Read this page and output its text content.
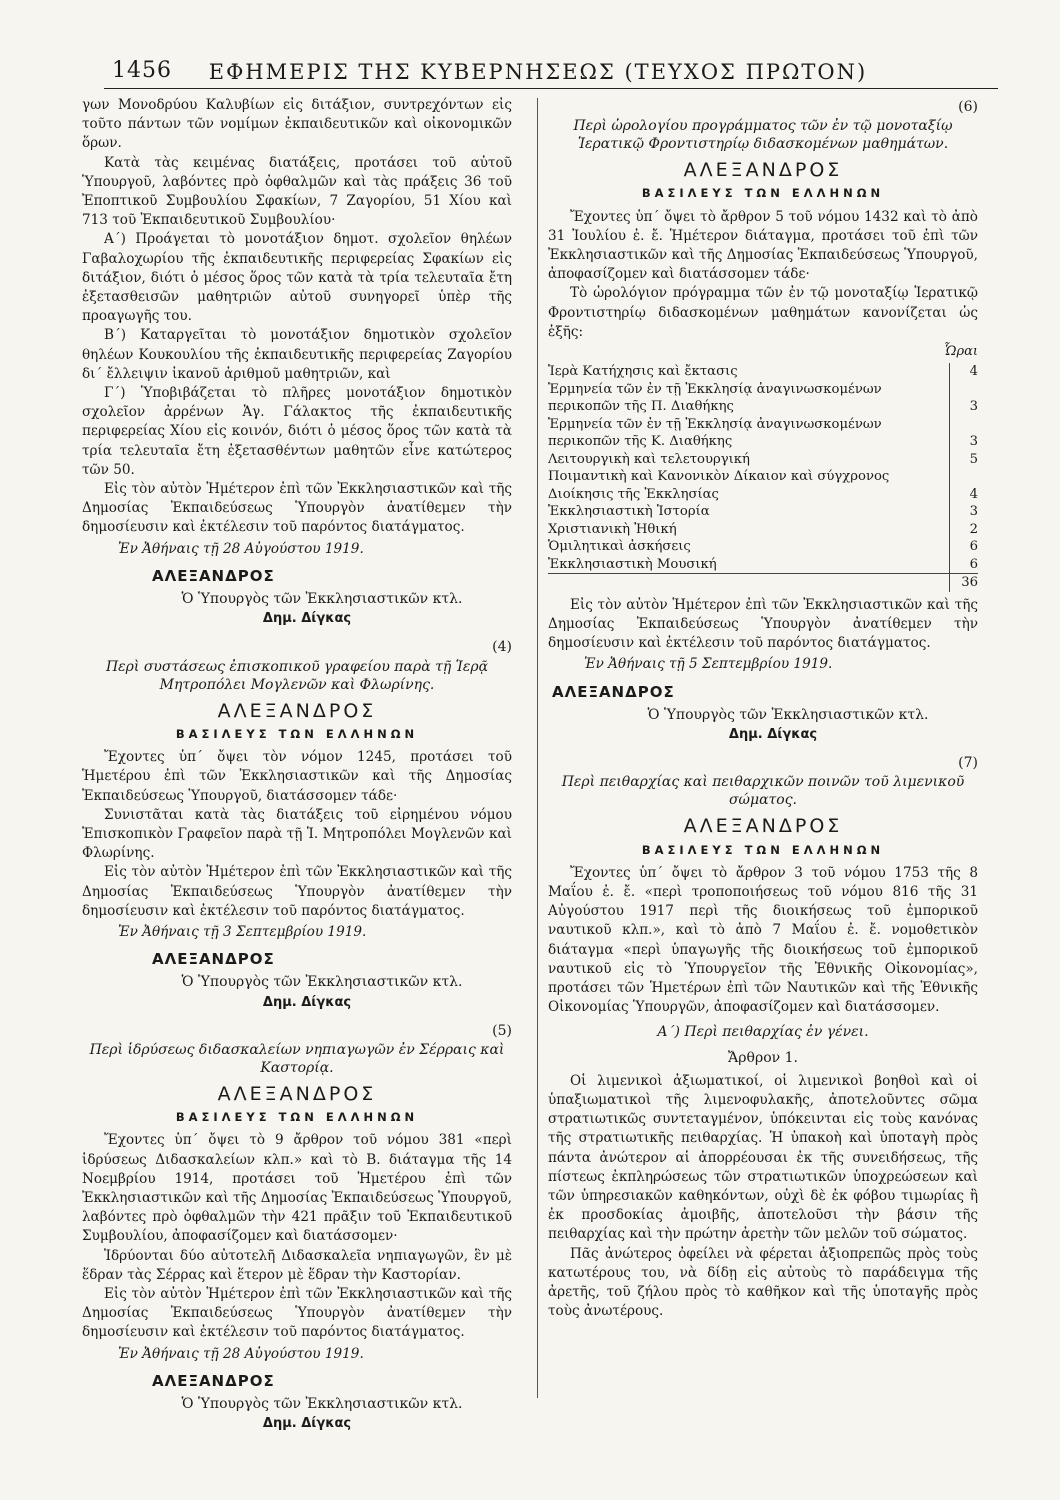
1456	ΕΦΗΜΕΡΙΣ ΤΗΣ ΚΥΒΕΡΝΗΣΕΩΣ (ΤΕΥΧΟΣ ΠΡΩΤΟΝ)

γων Μονοδρύου Καλυβίων εἰς διτάξιον, συντρεχόντων εἰς τοῦτο πάντων τῶν νομίμων ἐκπαιδευτικῶν καὶ οἰκονομικῶν ὅρων.

Κατὰ τὰς κειμένας διατάξεις, προτάσει τοῦ αὐτοῦ Ὑπουργοῦ, λαβόντες πρὸ ὀφθαλμῶν καὶ τὰς πράξεις 36 τοῦ Ἐποπτικοῦ Συμβουλίου Σφακίων, 7 Ζαγορίου, 51 Χίου καὶ 713 τοῦ Ἐκπαιδευτικοῦ Συμβουλίου·

Α΄) Προάγεται τὸ μονοτάξιον δημοτ. σχολεῖον θηλέων Γαβαλοχωρίου τῆς ἐκπαιδευτικῆς περιφερείας Σφακίων εἰς διτάξιον, διότι ὁ μέσος ὅρος τῶν κατὰ τὰ τρία τελευταῖα ἔτη ἐξετασθεισῶν μαθητριῶν αὐτοῦ συνηγορεῖ ὑπὲρ τῆς προαγωγῆς του.

Β΄) Καταργεῖται τὸ μονοτάξιον δημοτικὸν σχολεῖον θηλέων Κουκουλίου τῆς ἐκπαιδευτικῆς περιφερείας Ζαγορίου δι΄ ἔλλειψιν ἱκανοῦ ἀριθμοῦ μαθητριῶν, καὶ

Γ΄) Ὑποβιβάζεται τὸ πλῆρες μονοτάξιον δημοτικὸν σχολεῖον ἀρρένων Ἁγ. Γάλακτος τῆς ἐκπαιδευτικῆς περιφερείας Χίου εἰς κοινόν, διότι ὁ μέσος ὅρος τῶν κατὰ τὰ τρία τελευταῖα ἔτη ἐξετασθέντων μαθητῶν εἶνε κατώτερος τῶν 50.

Εἰς τὸν αὐτὸν Ἡμέτερον ἐπὶ τῶν Ἐκκλησιαστικῶν καὶ τῆς Δημοσίας Ἐκπαιδεύσεως Ὑπουργὸν ἀνατίθεμεν τὴν δημοσίευσιν καὶ ἐκτέλεσιν τοῦ παρόντος διατάγματος.

Ἐν Ἀθήναις τῇ 28 Αὐγούστου 1919.

ΑΛΕΞΑΝΔΡΟΣ
Ὁ Ὑπουργὸς τῶν Ἐκκλησιαστικῶν κτλ.
Δημ. Δίγκας
(4)
Περὶ συστάσεως ἐπισκοπικοῦ γραφείου παρὰ τῇ Ἱερᾷ Μητροπόλει Μογλενῶν καὶ Φλωρίνης.
ΑΛΕΞΑΝΔΡΟΣ
ΒΑΣΙΛΕΥΣ ΤΩΝ ΕΛΛΗΝΩΝ

Ἔχοντες ὑπ΄ ὄψει τὸν νόμον 1245, προτάσει τοῦ Ἡμετέρου ἐπὶ τῶν Ἐκκλησιαστικῶν καὶ τῆς Δημοσίας Ἐκπαιδεύσεως Ὑπουργοῦ, διατάσσομεν τάδε·

Συνιστᾶται κατὰ τὰς διατάξεις τοῦ εἰρημένου νόμου Ἐπισκοπικὸν Γραφεῖον παρὰ τῇ Ἱ. Μητροπόλει Μογλενῶν καὶ Φλωρίνης.

Εἰς τὸν αὐτὸν Ἡμέτερον ἐπὶ τῶν Ἐκκλησιαστικῶν καὶ τῆς Δημοσίας Ἐκπαιδεύσεως Ὑπουργὸν ἀνατίθεμεν τὴν δημοσίευσιν καὶ ἐκτέλεσιν τοῦ παρόντος διατάγματος.

Ἐν Ἀθήναις τῇ 3 Σεπτεμβρίου 1919.

ΑΛΕΞΑΝΔΡΟΣ
Ὁ Ὑπουργὸς τῶν Ἐκκλησιαστικῶν κτλ.
Δημ. Δίγκας
(5)
Περὶ ἱδρύσεως διδασκαλείων νηπιαγωγῶν ἐν Σέρραις καὶ Καστορίᾳ.
ΑΛΕΞΑΝΔΡΟΣ
ΒΑΣΙΛΕΥΣ ΤΩΝ ΕΛΛΗΝΩΝ

Ἔχοντες ὑπ΄ ὄψει τὸ 9 ἄρθρον τοῦ νόμου 381 «περὶ ἱδρύσεως Διδασκαλείων κλπ.» καὶ τὸ Β. διάταγμα τῆς 14 Νοεμβρίου 1914, προτάσει τοῦ Ἡμετέρου ἐπὶ τῶν Ἐκκλησιαστικῶν καὶ τῆς Δημοσίας Ἐκπαιδεύσεως Ὑπουργοῦ, λαβόντες πρὸ ὀφθαλμῶν τὴν 421 πρᾶξιν τοῦ Ἐκπαιδευτικοῦ Συμβουλίου, ἀποφασίζομεν καὶ διατάσσομεν·

Ἱδρύονται δύο αὐτοτελῆ Διδασκαλεῖα νηπιαγωγῶν, ἓν μὲ ἕδραν τὰς Σέρρας καὶ ἕτερον μὲ ἕδραν τὴν Καστορίαν.

Εἰς τὸν αὐτὸν Ἡμέτερον ἐπὶ τῶν Ἐκκλησιαστικῶν καὶ τῆς Δημοσίας Ἐκπαιδεύσεως Ὑπουργὸν ἀνατίθεμεν τὴν δημοσίευσιν καὶ ἐκτέλεσιν τοῦ παρόντος διατάγματος.

Ἐν Ἀθήναις τῇ 28 Αὐγούστου 1919.

ΑΛΕΞΑΝΔΡΟΣ
Ὁ Ὑπουργὸς τῶν Ἐκκλησιαστικῶν κτλ.
Δημ. Δίγκας
(6)
Περὶ ὡρολογίου προγράμματος τῶν ἐν τῷ μονοταξίῳ Ἱερατικῷ Φροντιστηρίῳ διδασκομένων μαθημάτων.
ΑΛΕΞΑΝΔΡΟΣ
ΒΑΣΙΛΕΥΣ ΤΩΝ ΕΛΛΗΝΩΝ

Ἔχοντες ὑπ΄ ὄψει τὸ ἄρθρον 5 τοῦ νόμου 1432 καὶ τὸ ἀπὸ 31 Ἰουλίου ἐ. ἔ. Ἡμέτερον διάταγμα, προτάσει τοῦ ἐπὶ τῶν Ἐκκλησιαστικῶν καὶ τῆς Δημοσίας Ἐκπαιδεύσεως Ὑπουργοῦ, ἀποφασίζομεν καὶ διατάσσομεν τάδε·

Τὸ ὡρολόγιον πρόγραμμα τῶν ἐν τῷ μονοταξίῳ Ἱερατικῷ Φροντιστηρίῳ διδασκομένων μαθημάτων κανονίζεται ὡς ἑξῆς:

Ὧραι
Ἱερὰ Κατήχησις καὶ ἔκτασις	4
Ἑρμηνεία τῶν ἐν τῇ Ἐκκλησίᾳ ἀναγινωσκομένων περικοπῶν τῆς Π. Διαθήκης	3
Ἑρμηνεία τῶν ἐν τῇ Ἐκκλησίᾳ ἀναγινωσκομένων περικοπῶν τῆς Κ. Διαθήκης	3
Λειτουργικὴ καὶ τελετουργική	5
Ποιμαντικὴ καὶ Κανονικὸν Δίκαιον καὶ σύγχρονος Διοίκησις τῆς Ἐκκλησίας	4
Ἐκκλησιαστικὴ Ἱστορία	3
Χριστιανικὴ Ἠθική	2
Ὁμιλητικαὶ ἀσκήσεις	6
Ἐκκλησιαστικὴ Μουσική	6
	36

Εἰς τὸν αὐτὸν Ἡμέτερον ἐπὶ τῶν Ἐκκλησιαστικῶν καὶ τῆς Δημοσίας Ἐκπαιδεύσεως Ὑπουργὸν ἀνατίθεμεν τὴν δημοσίευσιν καὶ ἐκτέλεσιν τοῦ παρόντος διατάγματος.

Ἐν Ἀθήναις τῇ 5 Σεπτεμβρίου 1919.

ΑΛΕΞΑΝΔΡΟΣ
Ὁ Ὑπουργὸς τῶν Ἐκκλησιαστικῶν κτλ.
Δημ. Δίγκας
(7)
Περὶ πειθαρχίας καὶ πειθαρχικῶν ποινῶν τοῦ λιμενικοῦ σώματος.
ΑΛΕΞΑΝΔΡΟΣ
ΒΑΣΙΛΕΥΣ ΤΩΝ ΕΛΛΗΝΩΝ

Ἔχοντες ὑπ΄ ὄψει τὸ ἄρθρον 3 τοῦ νόμου 1753 τῆς 8 Μαΐου ἐ. ἔ. «περὶ τροποποιήσεως τοῦ νόμου 816 τῆς 31 Αὐγούστου 1917 περὶ τῆς διοικήσεως τοῦ ἐμπορικοῦ ναυτικοῦ κλπ.», καὶ τὸ ἀπὸ 7 Μαΐου ἐ. ἔ. νομοθετικὸν διάταγμα «περὶ ὑπαγωγῆς τῆς διοικήσεως τοῦ ἐμπορικοῦ ναυτικοῦ εἰς τὸ Ὑπουργεῖον τῆς Ἐθνικῆς Οἰκονομίας», προτάσει τῶν Ἡμετέρων ἐπὶ τῶν Ναυτικῶν καὶ τῆς Ἐθνικῆς Οἰκονομίας Ὑπουργῶν, ἀποφασίζομεν καὶ διατάσσομεν.

Α΄) Περὶ πειθαρχίας ἐν γένει.
Ἄρθρον 1.

Οἱ λιμενικοὶ ἀξιωματικοί, οἱ λιμενικοὶ βοηθοὶ καὶ οἱ ὑπαξιωματικοὶ τῆς λιμενοφυλακῆς, ἀποτελοῦντες σῶμα στρατιωτικῶς συντεταγμένον, ὑπόκεινται εἰς τοὺς κανόνας τῆς στρατιωτικῆς πειθαρχίας. Ἡ ὑπακοὴ καὶ ὑποταγὴ πρὸς πάντα ἀνώτερον αἱ ἀπορρέουσαι ἐκ τῆς συνειδήσεως, τῆς πίστεως ἐκπληρώσεως τῶν στρατιωτικῶν ὑποχρεώσεων καὶ τῶν ὑπηρεσιακῶν καθηκόντων, οὐχὶ δὲ ἐκ φόβου τιμωρίας ἢ ἐκ προσδοκίας ἀμοιβῆς, ἀποτελοῦσι τὴν βάσιν τῆς πειθαρχίας καὶ τὴν πρώτην ἀρετὴν τῶν μελῶν τοῦ σώματος.

Πᾶς ἀνώτερος ὀφείλει νὰ φέρεται ἀξιοπρεπῶς πρὸς τοὺς κατωτέρους του, νὰ δίδῃ εἰς αὐτοὺς τὸ παράδειγμα τῆς ἀρετῆς, τοῦ ζήλου πρὸς τὸ καθῆκον καὶ τῆς ὑποταγῆς πρὸς τοὺς ἀνωτέρους.
